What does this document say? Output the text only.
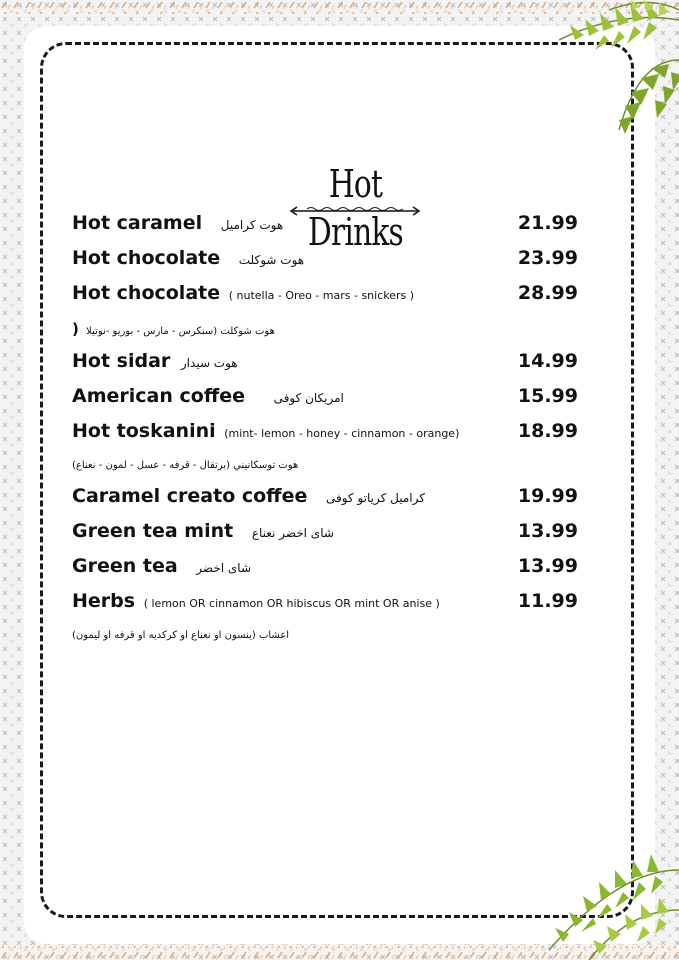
Hot Drinks
Hot caramel هوت كراميل	21.99
Hot chocolate هوت شوكلت	23.99
Hot chocolate ( nutella - Oreo - mars - snickers )	28.99
) هوت شوكلت (سنكرس - مارس - بوريو -نوتيلا
Hot sidar هوت سيدار	14.99
American coffee امريكان كوفى	15.99
Hot toskanini (mint- lemon - honey - cinnamon - orange)	18.99
هوت توسكانيني (برتقال - قرفه - عسل - لمون - نعناع)
Caramel creato coffee كراميل كرياتو كوفى	19.99
Green tea mint شاى اخضر نعناع	13.99
Green tea شاى اخضر	13.99
Herbs ( lemon OR cinnamon OR hibiscus OR mint OR anise )	11.99
اعشاب (ينسون او نعناع او كركديه او قرفه او ليمون)
